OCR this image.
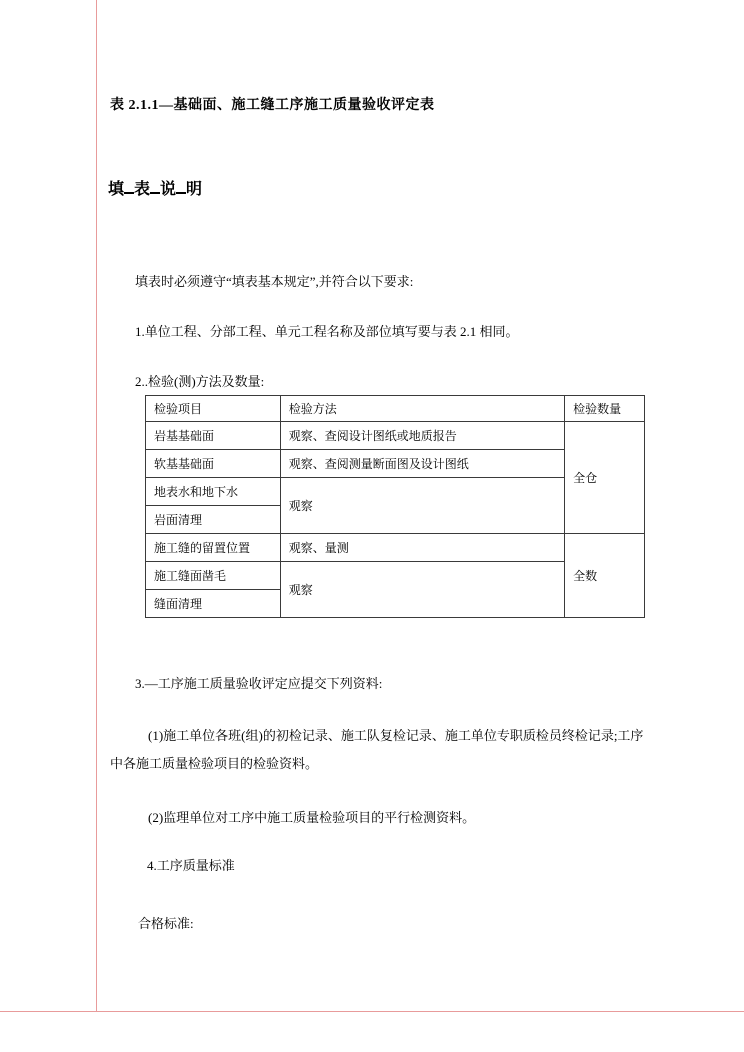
表 2.1.1—基础面、施工缝工序施工质量验收评定表
填 表 说 明
填表时必须遵守“填表基本规定”,并符合以下要求:
1.单位工程、分部工程、单元工程名称及部位填写要与表 2.1 相同。
2..检验(测)方法及数量:
检验项目	检验方法	检验数量
岩基基础面	观察、查阅设计图纸或地质报告	全仓
软基基础面	观察、查阅测量断面图及设计图纸	
地表水和地下水	观察	
岩面清理		
施工缝的留置位置	观察、量测	全数
施工缝面凿毛	观察	
缝面清理		
3.—工序施工质量验收评定应提交下列资料:
(1)施工单位各班(组)的初检记录、施工队复检记录、施工单位专职质检员终检记录;工序中各施工质量检验项目的检验资料。
(2)监理单位对工序中施工质量检验项目的平行检测资料。
4.工序质量标准
合格标准:
